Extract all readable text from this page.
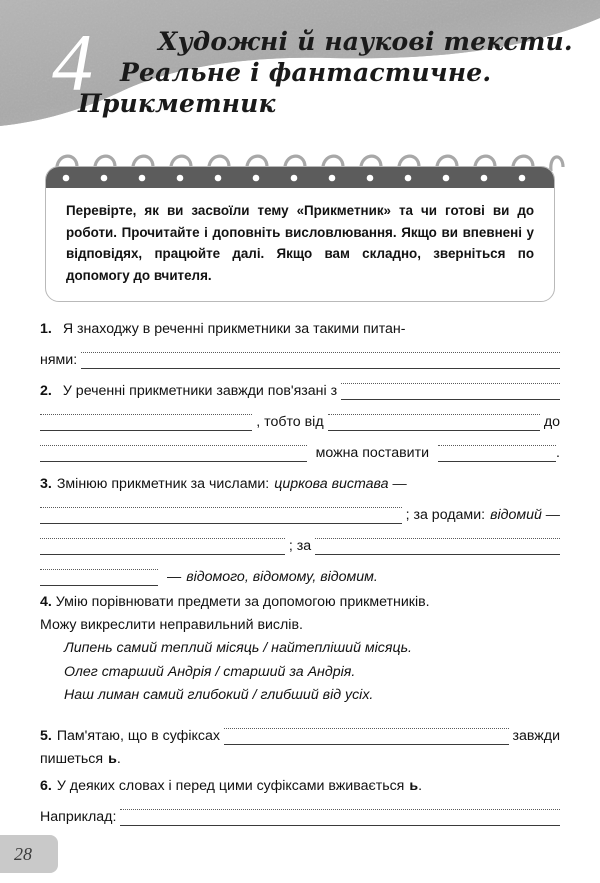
4	Художні й наукові тексти.
Реальне і фантастичне.
Прикметник
Перевірте, як ви засвоїли тему «Прикметник» та чи готові ви до роботи. Прочитайте і доповніть висловлювання. Якщо ви впевнені у відповідях, працюйте далі. Якщо вам складно, зверніться по допомогу до вчителя.
1. Я знаходжу в реченні прикметники за такими питан-
нями:
2. У реченні прикметники завжди пов'язані з
, тобто від	до
можна поставити	.
3. Змінюю прикметник за числами: циркова вистава —
; за родами: відомий —
; за
— відомого, відомому, відомим.
4. Умію порівнювати предмети за допомогою прикметників.
Можу викреслити неправильний вислів.
Липень самий теплий місяць / найтепліший місяць.
Олег старший Андрія / старший за Андрія.
Наш лиман самий глибокий / глибший від усіх.
5. Пам'ятаю, що в суфіксах	завжди
пишеться ь .
6. У деяких словах і перед цими суфіксами вживається ь .
Наприклад:
28
